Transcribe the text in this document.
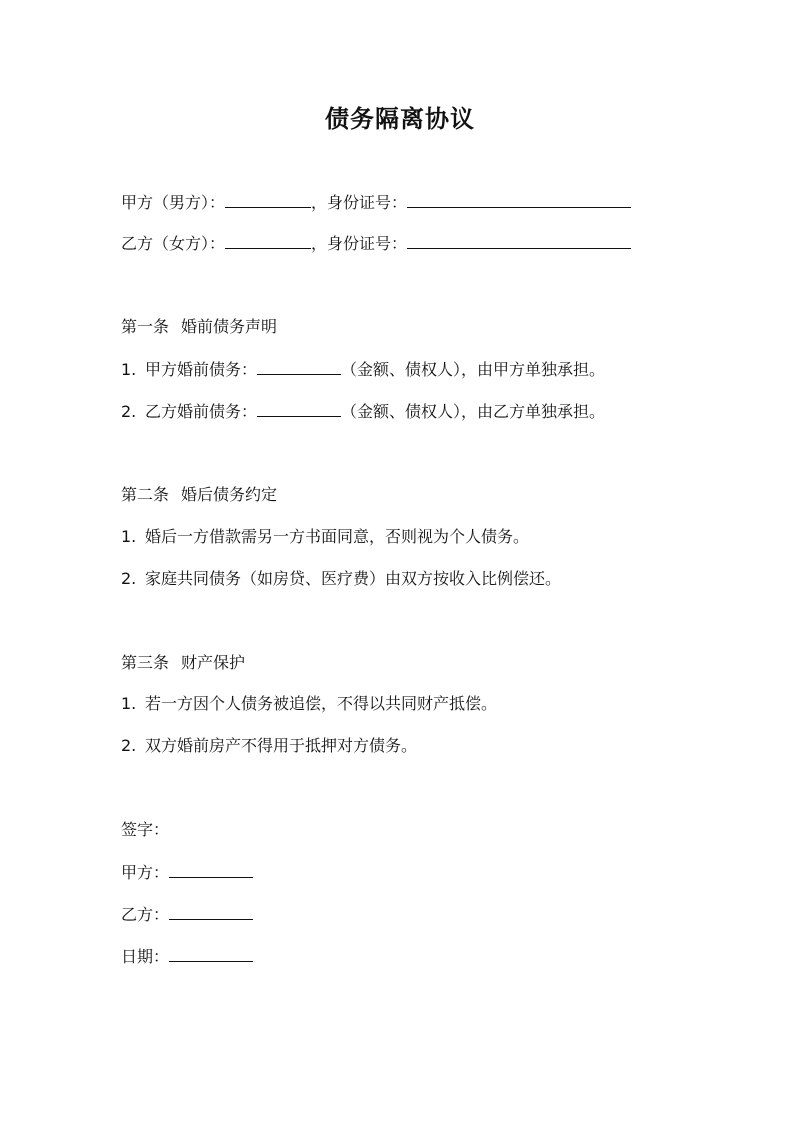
债务隔离协议
甲方（男方）：	，身份证号：
乙方（女方）：	，身份证号：
第一条 婚前债务声明
1. 甲方婚前债务：	（金额、债权人），由甲方单独承担。
2. 乙方婚前债务：	（金额、债权人），由乙方单独承担。
第二条 婚后债务约定
1. 婚后一方借款需另一方书面同意，否则视为个人债务。
2. 家庭共同债务（如房贷、医疗费）由双方按收入比例偿还。
第三条 财产保护
1. 若一方因个人债务被追偿，不得以共同财产抵偿。
2. 双方婚前房产不得用于抵押对方债务。
签字：
甲方：
乙方：
日期：
